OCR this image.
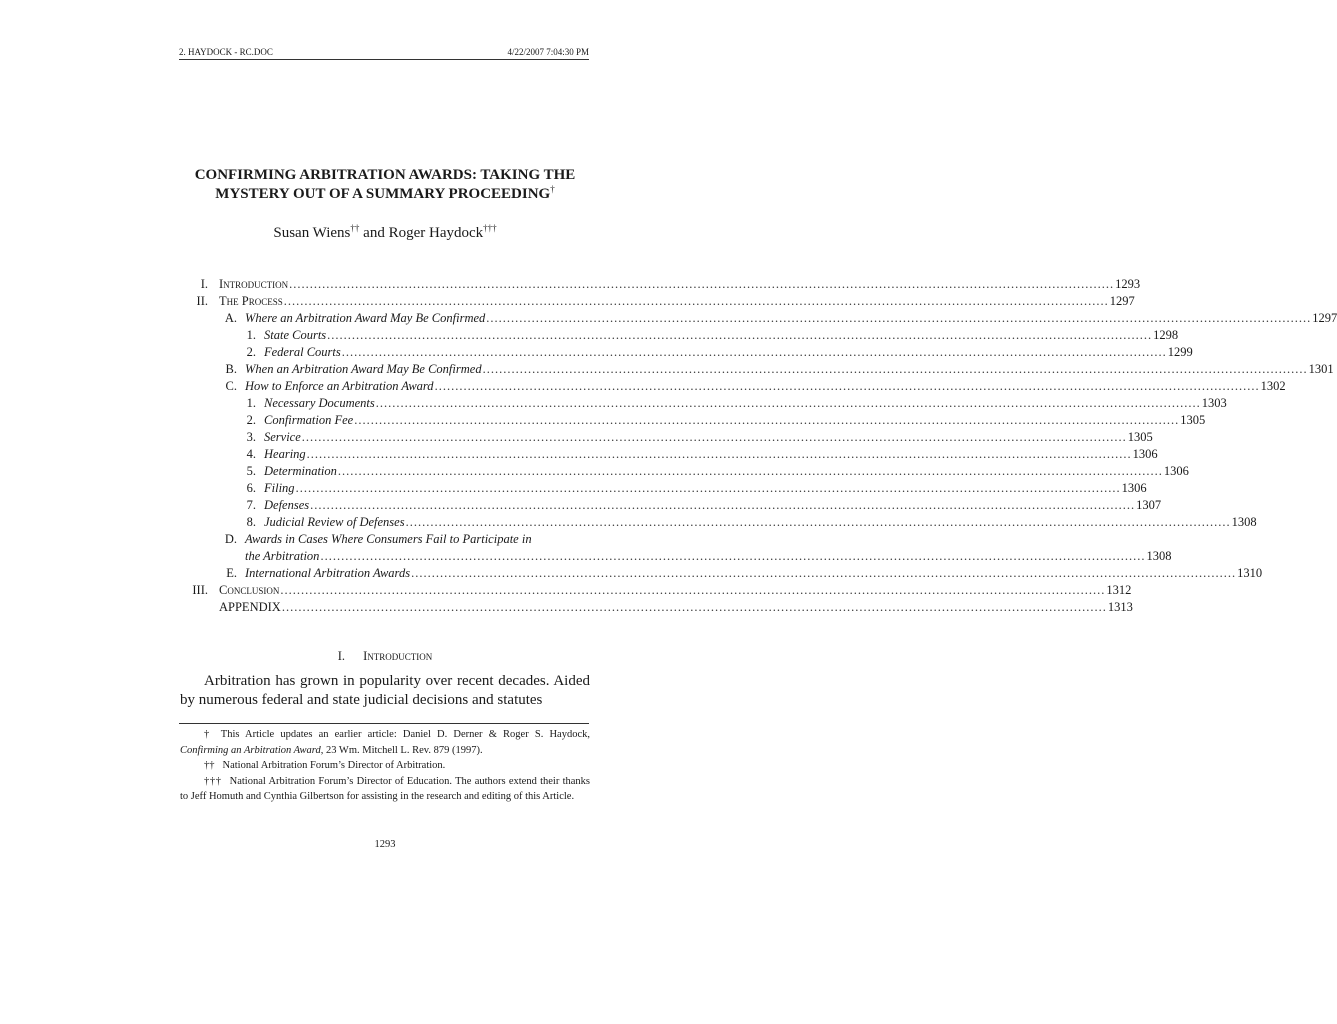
2. HAYDOCK - RC.DOC	4/22/2007 7:04:30 PM
CONFIRMING ARBITRATION AWARDS: TAKING THE
MYSTERY OUT OF A SUMMARY PROCEEDING†
Susan Wiens†† and Roger Haydock†††
I. Introduction ........................................................................................................................................................................................................ 1293
II. The Process ........................................................................................................................................................................................................ 1297
A. Where an Arbitration Award May Be Confirmed ........................................................................................................................................................................................................ 1297
1. State Courts ........................................................................................................................................................................................................ 1298
2. Federal Courts ........................................................................................................................................................................................................ 1299
B. When an Arbitration Award May Be Confirmed ........................................................................................................................................................................................................ 1301
C. How to Enforce an Arbitration Award ........................................................................................................................................................................................................ 1302
1. Necessary Documents ........................................................................................................................................................................................................ 1303
2. Confirmation Fee ........................................................................................................................................................................................................ 1305
3. Service ........................................................................................................................................................................................................ 1305
4. Hearing ........................................................................................................................................................................................................ 1306
5. Determination ........................................................................................................................................................................................................ 1306
6. Filing ........................................................................................................................................................................................................ 1306
7. Defenses ........................................................................................................................................................................................................ 1307
8. Judicial Review of Defenses ........................................................................................................................................................................................................ 1308
D. Awards in Cases Where Consumers Fail to Participate in
the Arbitration ........................................................................................................................................................................................................ 1308
E. International Arbitration Awards ........................................................................................................................................................................................................ 1310
III. Conclusion ........................................................................................................................................................................................................ 1312
APPENDIX ........................................................................................................................................................................................................ 1313
I. Introduction

Arbitration has grown in popularity over recent decades. Aided by numerous federal and state judicial decisions and statutes

† This Article updates an earlier article: Daniel D. Derner & Roger S. Haydock, Confirming an Arbitration Award, 23 Wm. Mitchell L. Rev. 879 (1997).

†† National Arbitration Forum’s Director of Arbitration.

††† National Arbitration Forum’s Director of Education. The authors extend their thanks to Jeff Homuth and Cynthia Gilbertson for assisting in the research and editing of this Article.

1293
